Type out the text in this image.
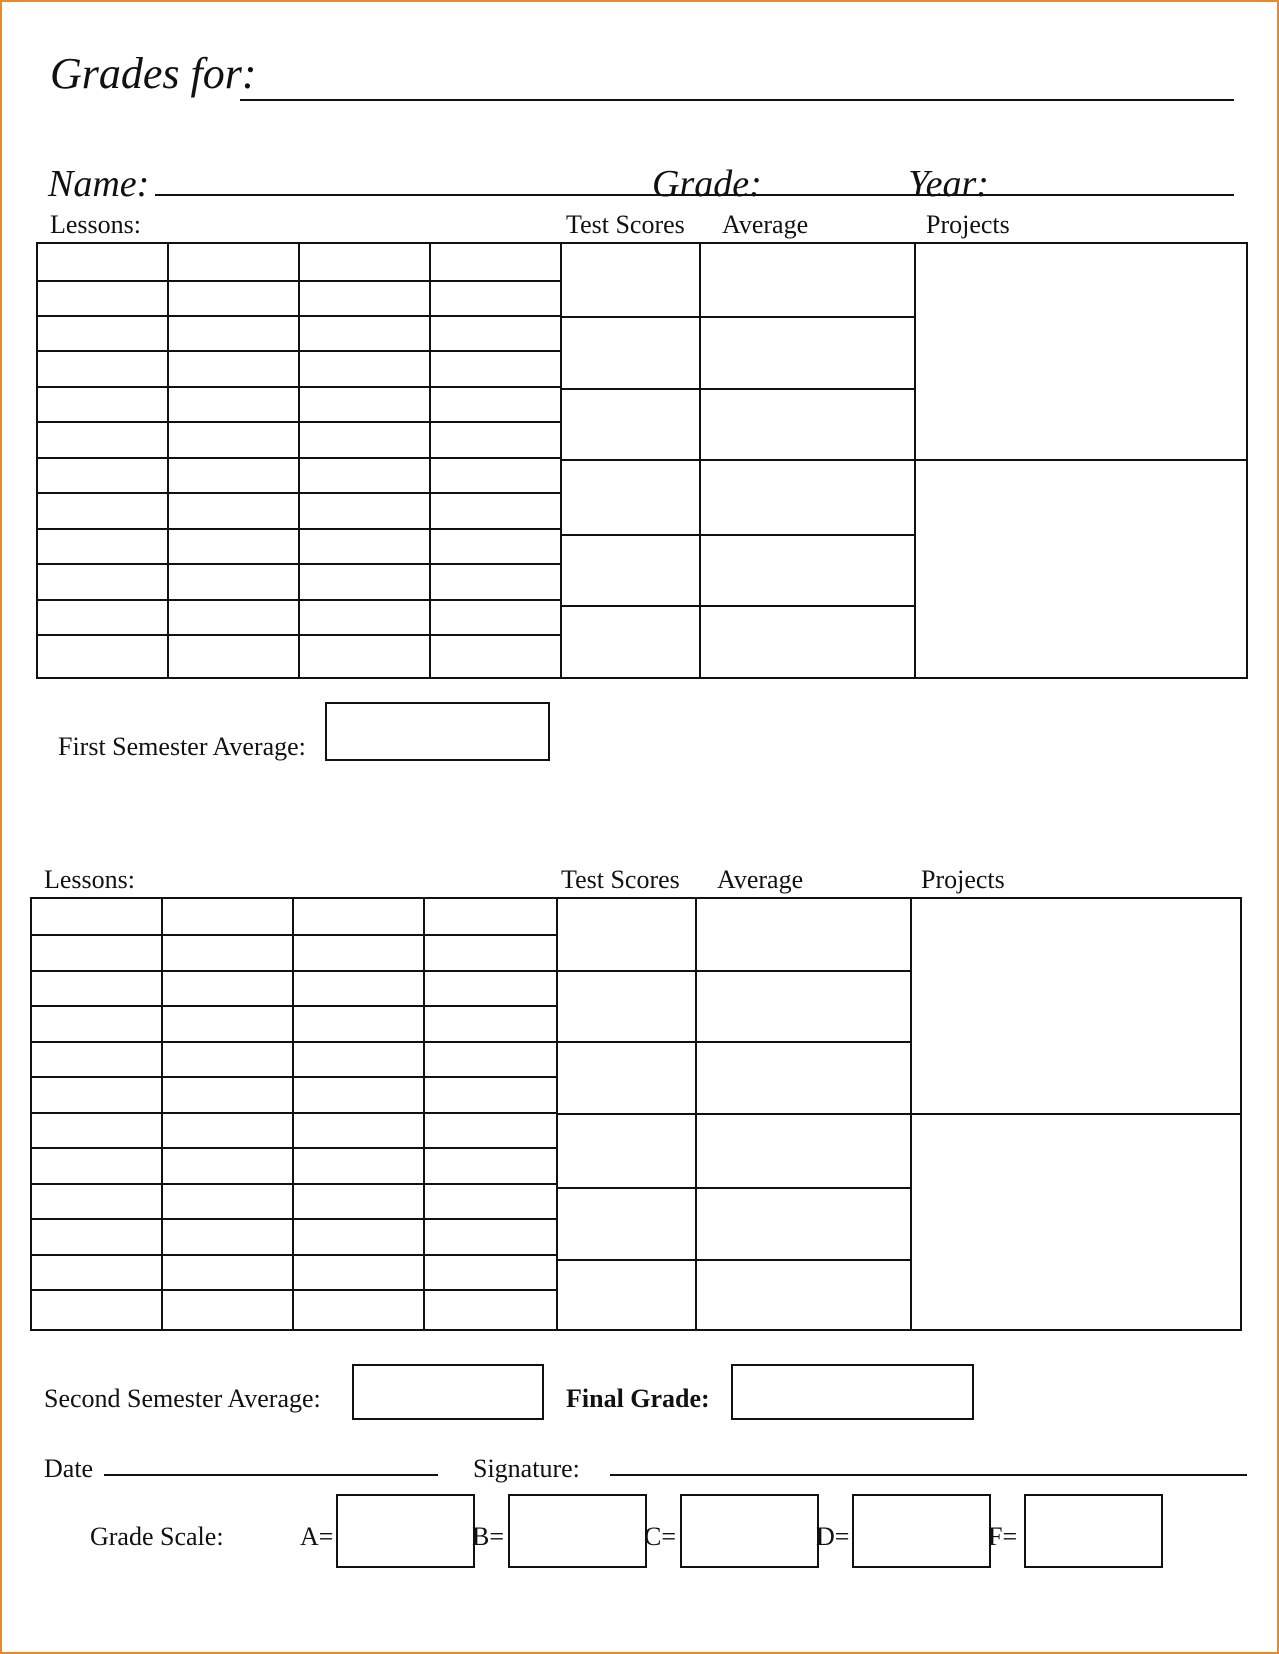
Grades for:
Name:	Grade:	Year:
Lessons:	Test Scores Average	Projects
First Semester Average:
Lessons:	Test Scores Average	Projects
Second Semester Average:	Final Grade:
Date	Signature:
Grade Scale:	A=	B=	C=	D=	F=
